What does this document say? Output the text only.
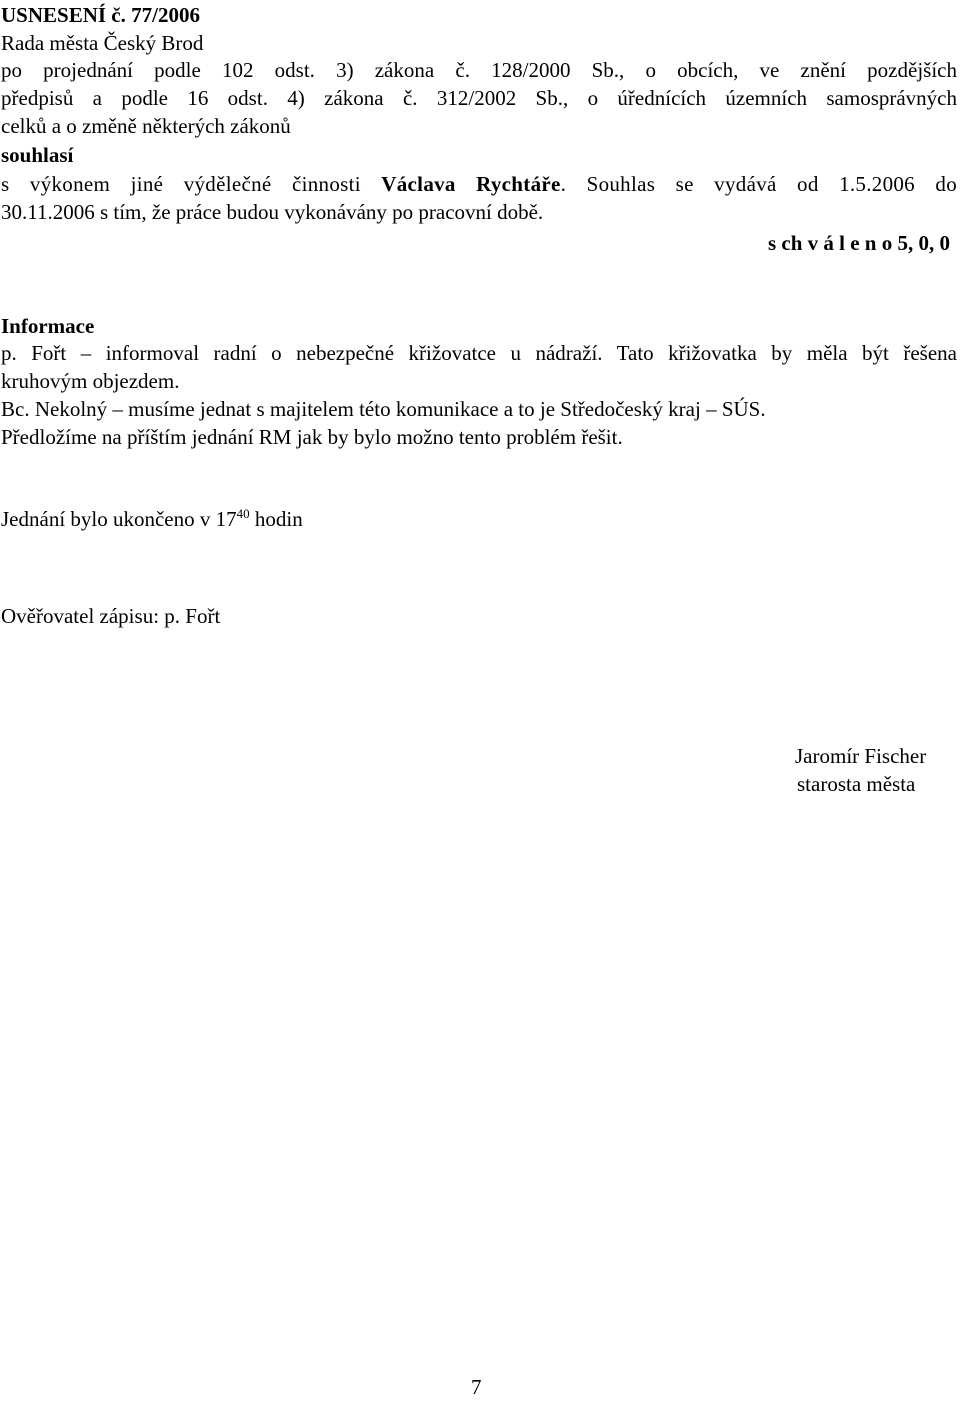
USNESENÍ č. 77/2006
Rada města Český Brod
po projednání podle 102 odst. 3) zákona č. 128/2000 Sb., o obcích, ve znění pozdějších
předpisů a podle 16 odst. 4) zákona č. 312/2002 Sb., o úřednících územních samosprávných
celků a o změně některých zákonů
souhlasí
s výkonem jiné výdělečné činnosti Václava Rychtáře. Souhlas se vydává od 1.5.2006 do
30.11.2006 s tím, že práce budou vykonávány po pracovní době.
s ch v á l e n o 5, 0, 0
Informace
p. Fořt – informoval radní o nebezpečné křižovatce u nádraží. Tato křižovatka by měla být řešena
kruhovým objezdem.
Bc. Nekolný – musíme jednat s majitelem této komunikace a to je Středočeský kraj – SÚS.
Předložíme na příštím jednání RM jak by bylo možno tento problém řešit.
Jednání bylo ukončeno v $17^{40}$ hodin
Ověřovatel zápisu: p. Fořt
Jaromír Fischer
starosta města
7
